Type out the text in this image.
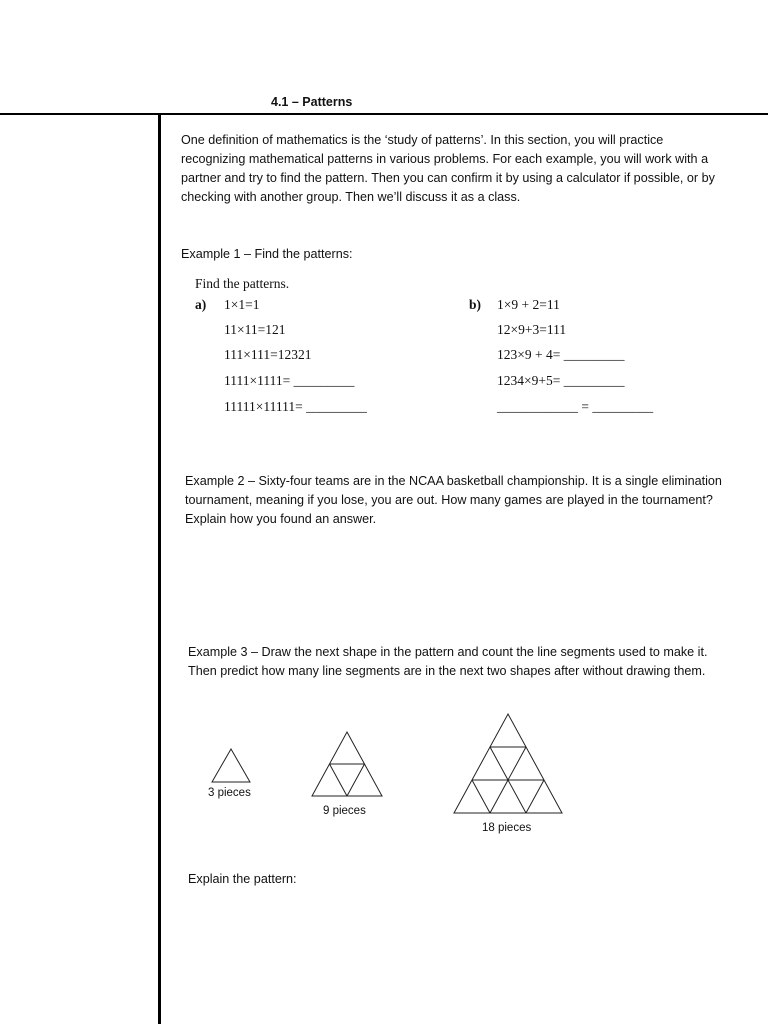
4.1 – Patterns
One definition of mathematics is the ‘study of patterns’. In this section, you will practice recognizing mathematical patterns in various problems. For each example, you will work with a partner and try to find the pattern. Then you can confirm it by using a calculator if possible, or by checking with another group. Then we’ll discuss it as a class.
Example 1 – Find the patterns:
Find the patterns.
a) 1×1=1
11×11=121
111×111=12321
1111×1111= _________
11111×11111= _________
b) 1×9 + 2=11
12×9+3=111
123×9 + 4= _________
1234×9+5= _________
____________ = _________
Example 2 – Sixty-four teams are in the NCAA basketball championship. It is a single elimination tournament, meaning if you lose, you are out. How many games are played in the tournament? Explain how you found an answer.
Example 3 – Draw the next shape in the pattern and count the line segments used to make it. Then predict how many line segments are in the next two shapes after without drawing them.
3 pieces
9 pieces
18 pieces
Explain the pattern:
